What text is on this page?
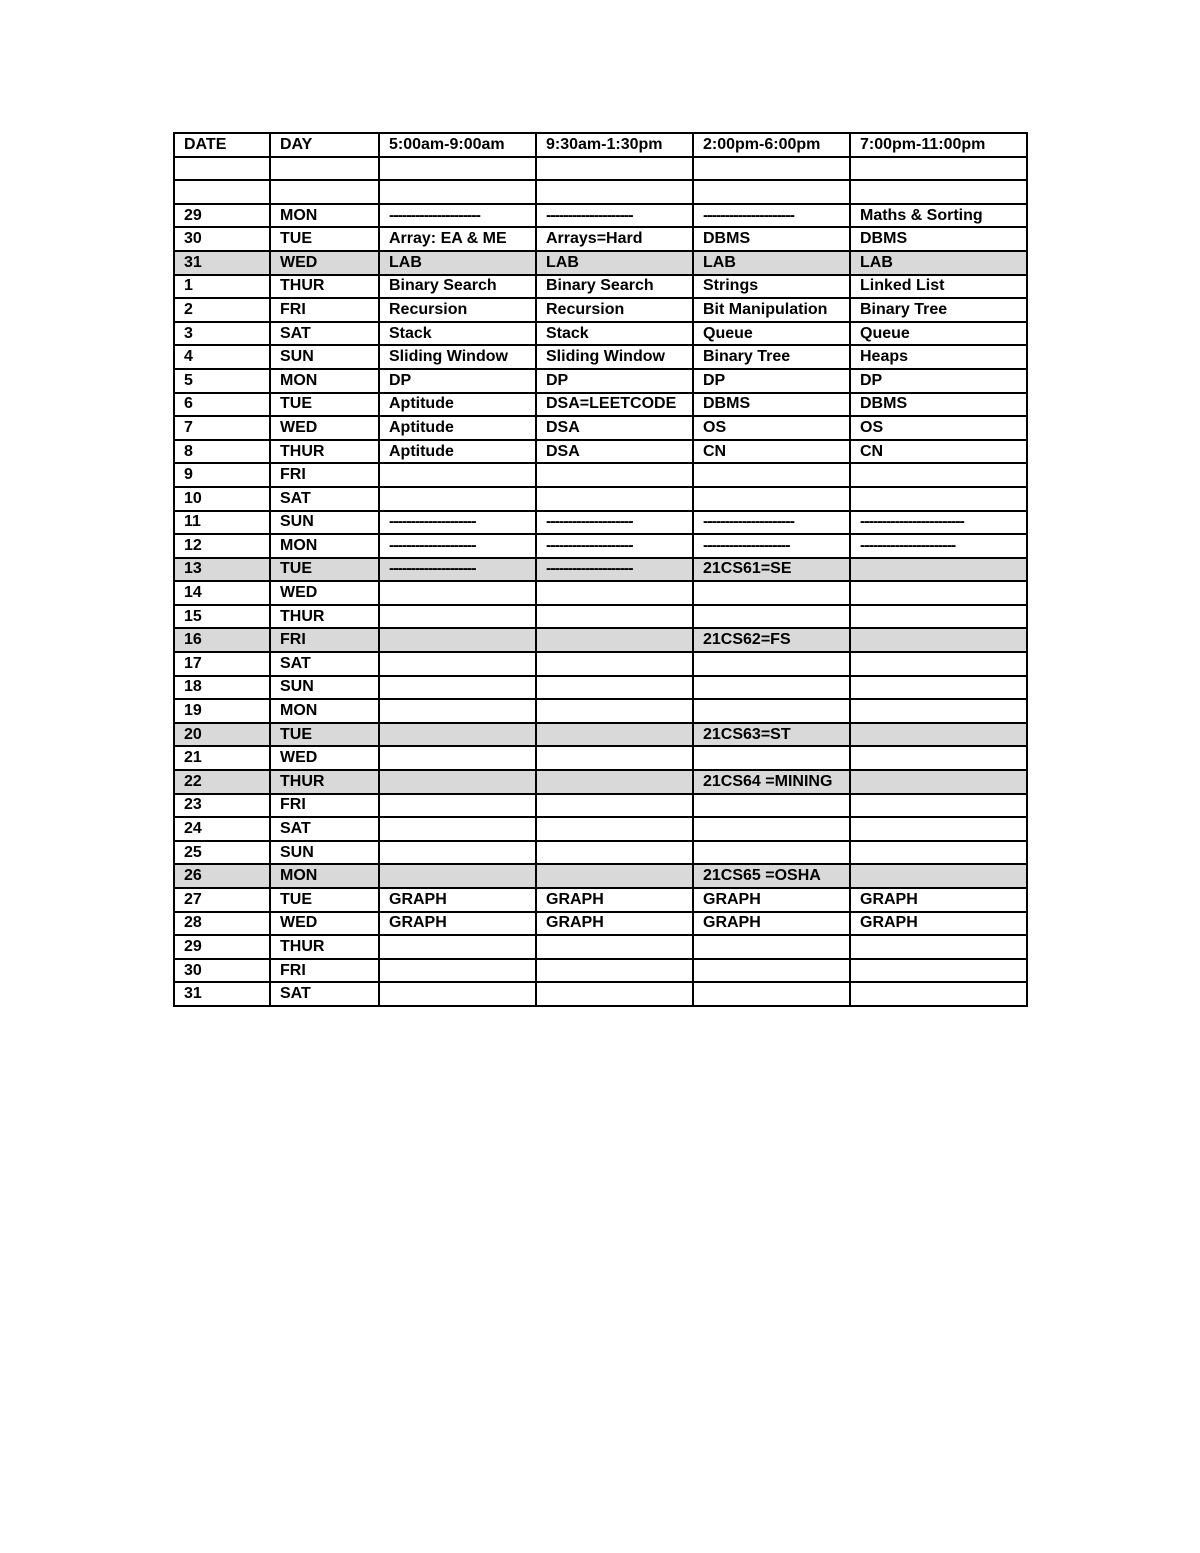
DATE	DAY	5:00am-9:00am	9:30am-1:30pm	2:00pm-6:00pm	7:00pm-11:00pm

29	MON	---------------------	--------------------	---------------------	Maths & Sorting
30	TUE	Array: EA & ME	Arrays=Hard	DBMS	DBMS
31	WED	LAB	LAB	LAB	LAB
1	THUR	Binary Search	Binary Search	Strings	Linked List
2	FRI	Recursion	Recursion	Bit Manipulation	Binary Tree
3	SAT	Stack	Stack	Queue	Queue
4	SUN	Sliding Window	Sliding Window	Binary Tree	Heaps
5	MON	DP	DP	DP	DP
6	TUE	Aptitude	DSA=LEETCODE	DBMS	DBMS
7	WED	Aptitude	DSA	OS	OS
8	THUR	Aptitude	DSA	CN	CN
9	FRI				
10	SAT				
11	SUN	--------------------	--------------------	---------------------	------------------------
12	MON	--------------------	--------------------	--------------------	----------------------
13	TUE	--------------------	--------------------	21CS61=SE	
14	WED				
15	THUR				
16	FRI			21CS62=FS	
17	SAT				
18	SUN				
19	MON				
20	TUE			21CS63=ST	
21	WED				
22	THUR			21CS64 =MINING	
23	FRI				
24	SAT				
25	SUN				
26	MON			21CS65 =OSHA	
27	TUE	GRAPH	GRAPH	GRAPH	GRAPH
28	WED	GRAPH	GRAPH	GRAPH	GRAPH
29	THUR				
30	FRI				
31	SAT				
